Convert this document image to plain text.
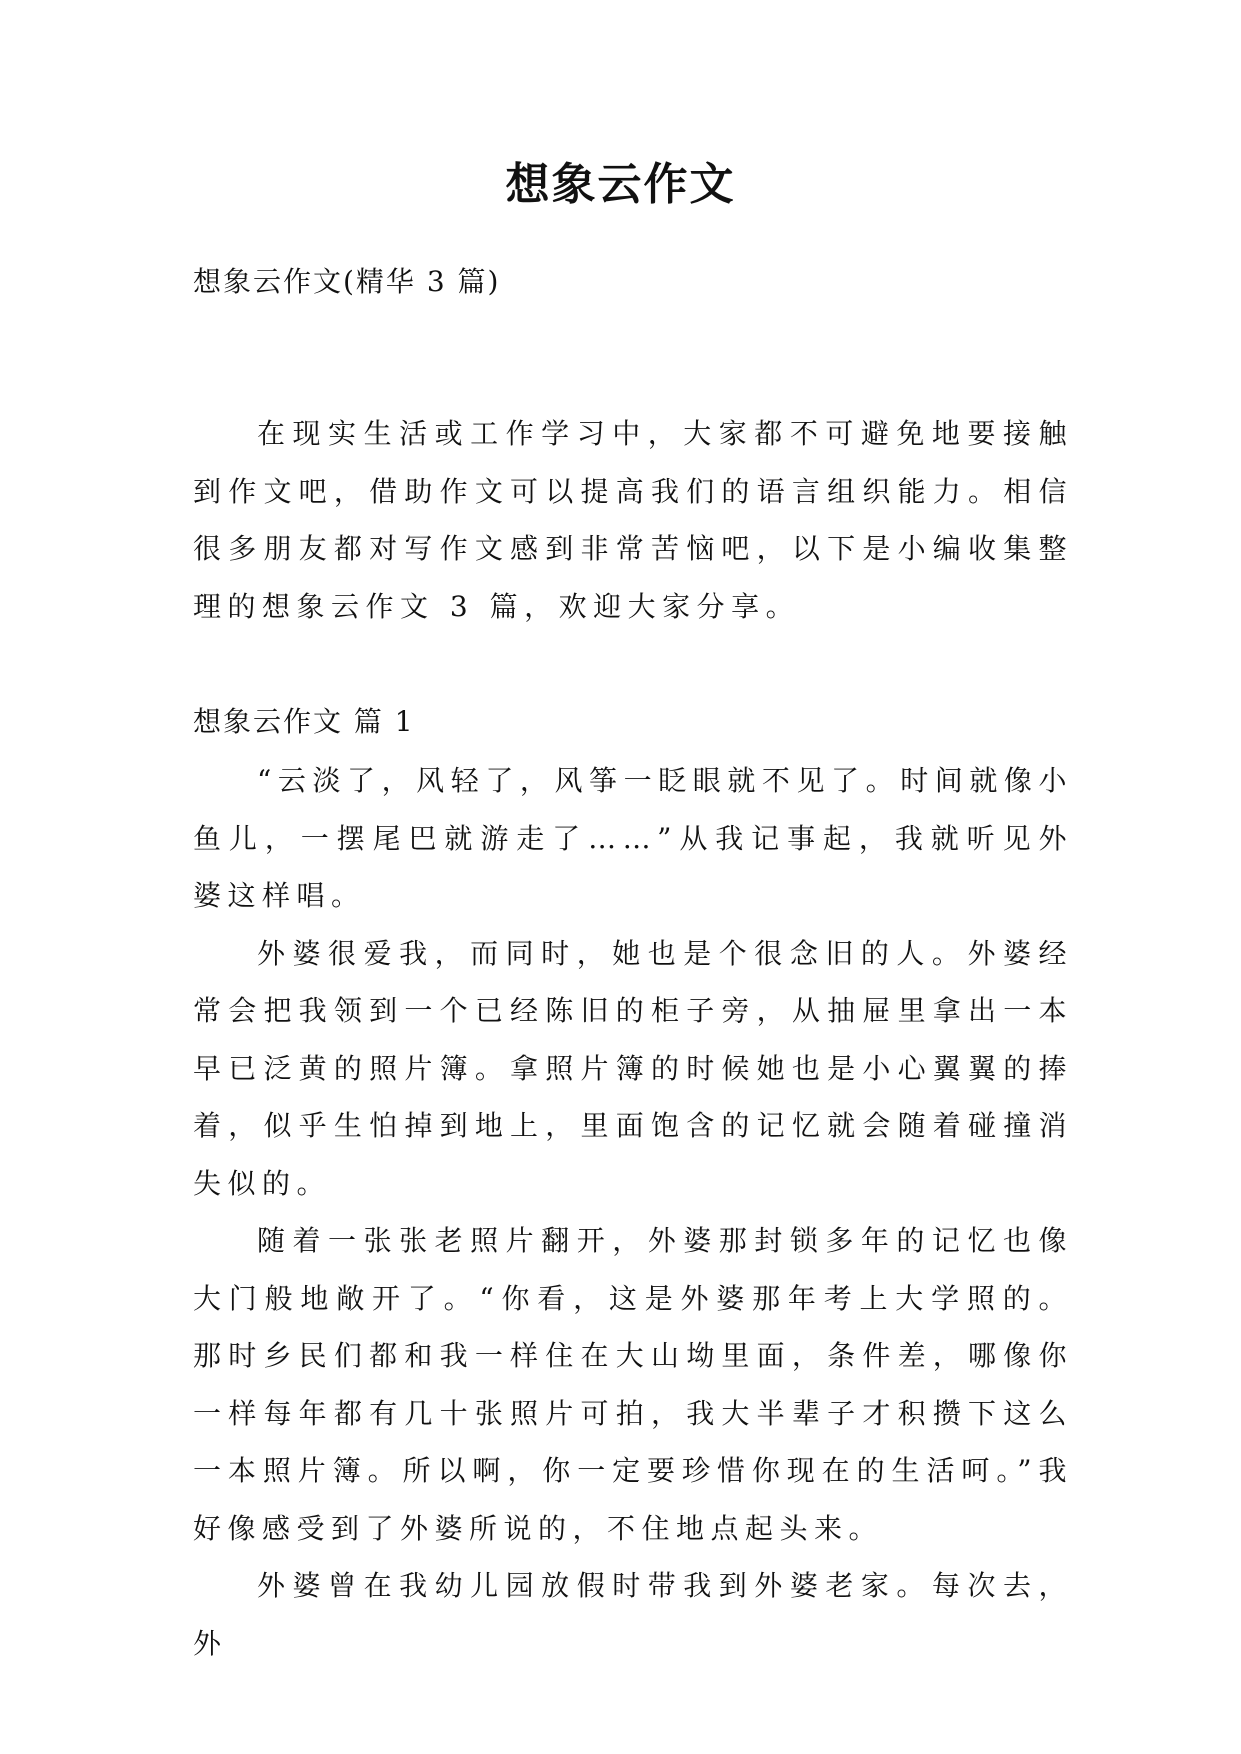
想象云作文

想象云作文(精华 3 篇)

在现实生活或工作学习中，大家都不可避免地要接触到作文吧，借助作文可以提高我们的语言组织能力。相信很多朋友都对写作文感到非常苦恼吧，以下是小编收集整理的想象云作文 3 篇，欢迎大家分享。

想象云作文 篇 1

“云淡了，风轻了，风筝一眨眼就不见了。时间就像小鱼儿，一摆尾巴就游走了……”从我记事起，我就听见外婆这样唱。

外婆很爱我，而同时，她也是个很念旧的人。外婆经常会把我领到一个已经陈旧的柜子旁，从抽屉里拿出一本早已泛黄的照片簿。拿照片簿的时候她也是小心翼翼的捧着，似乎生怕掉到地上，里面饱含的记忆就会随着碰撞消失似的。

随着一张张老照片翻开，外婆那封锁多年的记忆也像大门般地敞开了。“你看，这是外婆那年考上大学照的。那时乡民们都和我一样住在大山坳里面，条件差，哪像你一样每年都有几十张照片可拍，我大半辈子才积攒下这么一本照片簿。所以啊，你一定要珍惜你现在的生活呵。”我好像感受到了外婆所说的，不住地点起头来。

外婆曾在我幼儿园放假时带我到外婆老家。每次去，外
